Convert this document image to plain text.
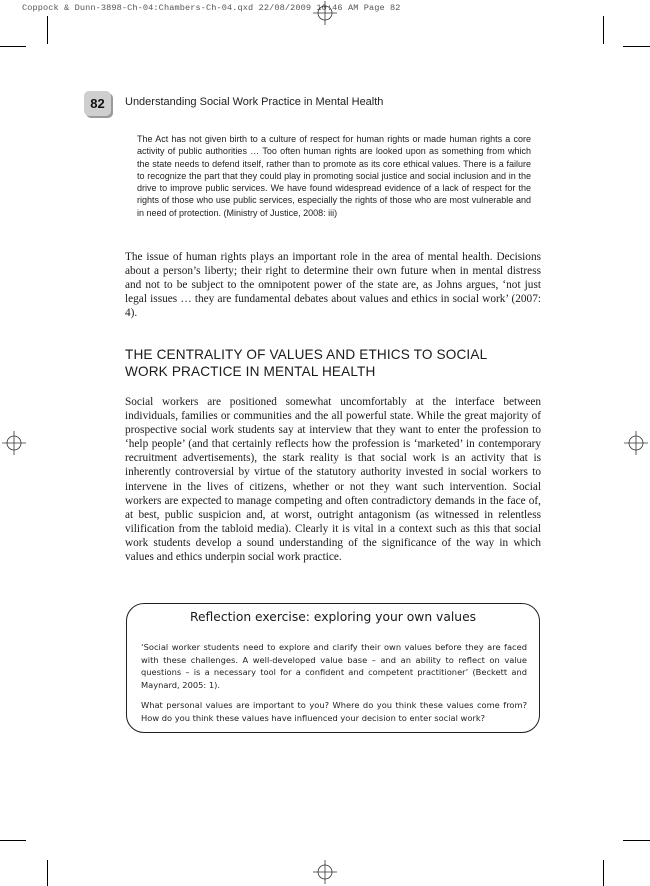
Coppock & Dunn-3898-Ch-04:Chambers-Ch-04.qxd 22/08/2009 10:46 AM Page 82
82	Understanding Social Work Practice in Mental Health
The Act has not given birth to a culture of respect for human rights or made human rights a core activity of public authorities … Too often human rights are looked upon as something from which the state needs to defend itself, rather than to promote as its core ethical values. There is a failure to recognize the part that they could play in promoting social justice and social inclusion and in the drive to improve public services. We have found widespread evidence of a lack of respect for the rights of those who use public services, especially the rights of those who are most vulnerable and in need of protection. (Ministry of Justice, 2008: iii)
The issue of human rights plays an important role in the area of mental health. Decisions about a person’s liberty; their right to determine their own future when in mental distress and not to be subject to the omnipotent power of the state are, as Johns argues, ‘not just legal issues … they are fundamental debates about values and ethics in social work’ (2007: 4).
THE CENTRALITY OF VALUES AND ETHICS TO SOCIAL
WORK PRACTICE IN MENTAL HEALTH
Social workers are positioned somewhat uncomfortably at the interface between individuals, families or communities and the all powerful state. While the great majority of prospective social work students say at interview that they want to enter the profession to ‘help people’ (and that certainly reflects how the profession is ‘marketed’ in contemporary recruitment advertisements), the stark reality is that social work is an activity that is inherently controversial by virtue of the statutory authority invested in social workers to intervene in the lives of citizens, whether or not they want such intervention. Social workers are expected to manage competing and often contradictory demands in the face of, at best, public suspicion and, at worst, outright antagonism (as witnessed in relentless vilification from the tabloid media). Clearly it is vital in a context such as this that social work students develop a sound understanding of the significance of the way in which values and ethics underpin social work practice.
Reflection exercise: exploring your own values
‘Social worker students need to explore and clarify their own values before they are faced with these challenges. A well-developed value base – and an ability to reflect on value questions – is a necessary tool for a confident and competent practitioner’ (Beckett and Maynard, 2005: 1).
What personal values are important to you? Where do you think these values come from? How do you think these values have influenced your decision to enter social work?
